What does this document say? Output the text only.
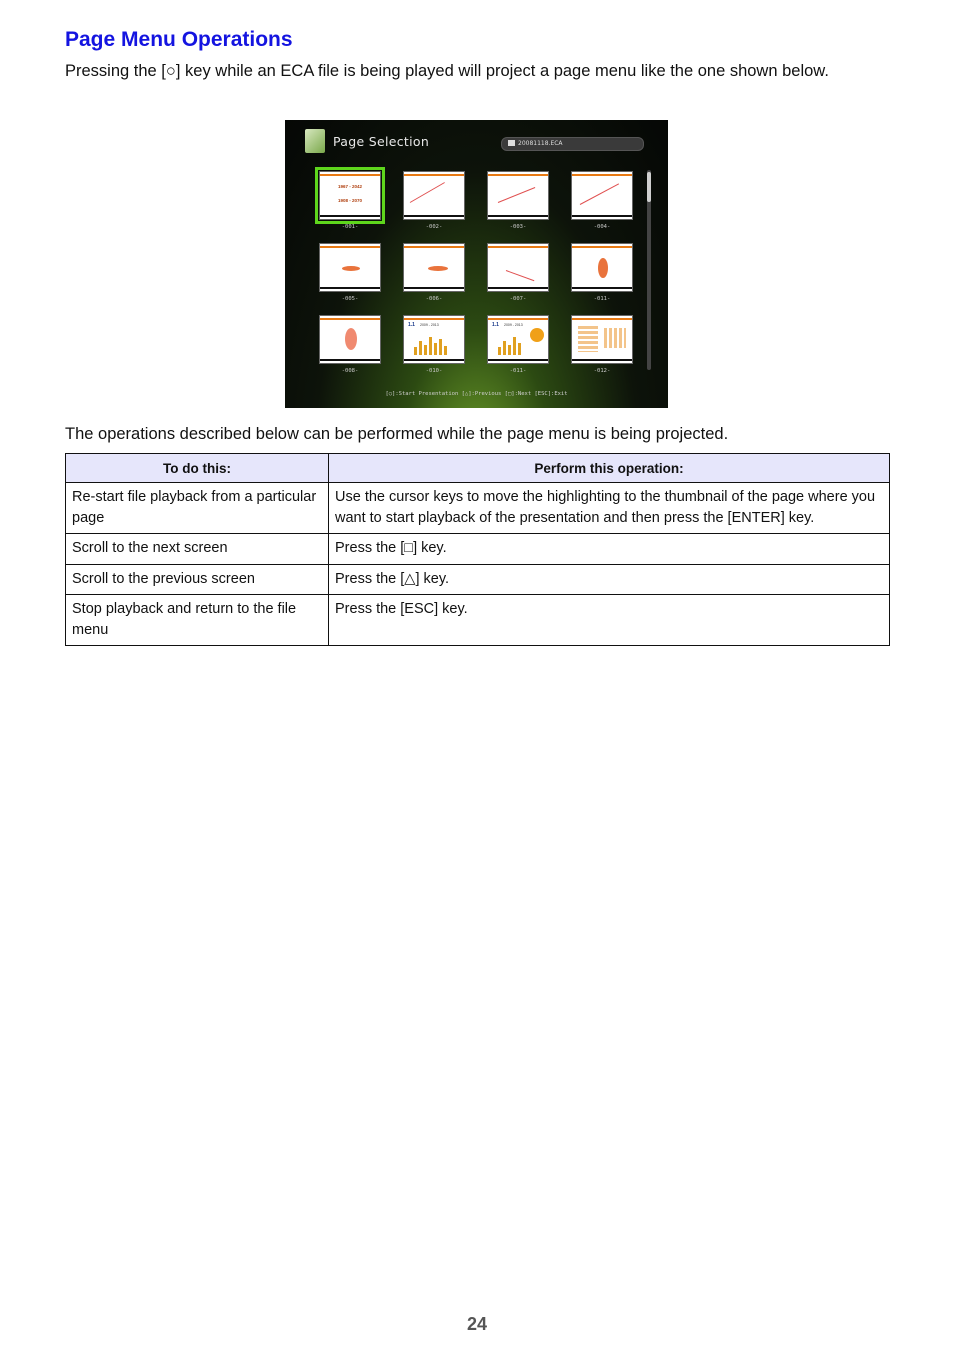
Page Menu Operations
Pressing the [○] key while an ECA file is being played will project a page menu like the one shown below.
Page Selection	20081118.ECA
1967 - 2042
1908 - 2070
-001-	-002-	-003-	-004-
-005-	-006-	-007-	-011-
-008-
1.1 2009 - 2013
-010-
1.1 2009 - 2013
-011-	-012-
[○]:Start Presentation [△]:Previous [□]:Next [ESC]:Exit
The operations described below can be performed while the page menu is being projected.
To do this:	Perform this operation:
Re-start file playback from a particular page	Use the cursor keys to move the highlighting to the thumbnail of the page where you want to start playback of the presentation and then press the [ENTER] key.
Scroll to the next screen	Press the [□] key.
Scroll to the previous screen	Press the [△] key.
Stop playback and return to the file menu	Press the [ESC] key.
24
